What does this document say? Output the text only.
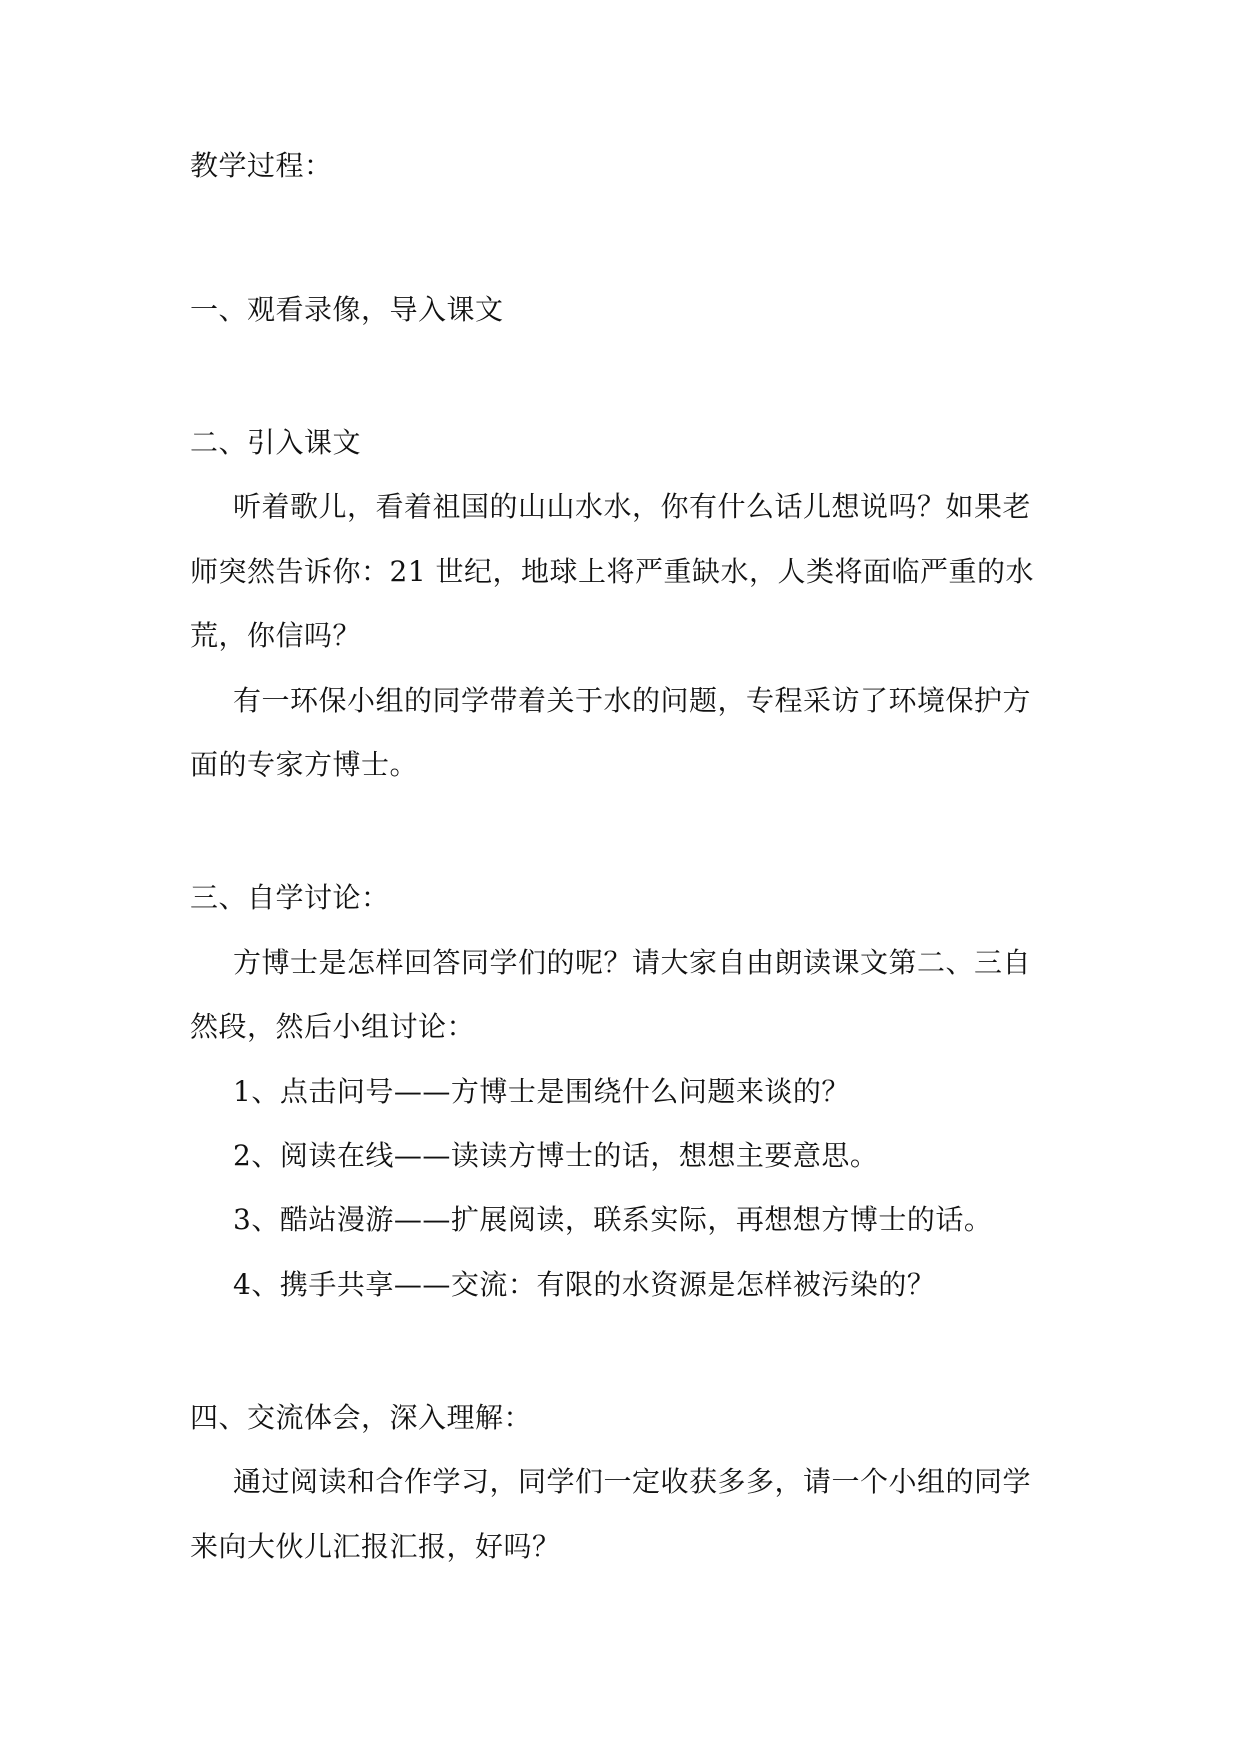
教学过程：
一、观看录像，导入课文
二、引入课文
听着歌儿，看着祖国的山山水水，你有什么话儿想说吗？如果老
师突然告诉你：21 世纪，地球上将严重缺水，人类将面临严重的水
荒，你信吗？
有一环保小组的同学带着关于水的问题，专程采访了环境保护方
面的专家方博士。
三、自学讨论：
方博士是怎样回答同学们的呢？请大家自由朗读课文第二、三自
然段，然后小组讨论：
1、点击问号——方博士是围绕什么问题来谈的？
2、阅读在线——读读方博士的话，想想主要意思。
3、酷站漫游——扩展阅读，联系实际，再想想方博士的话。
4、携手共享——交流：有限的水资源是怎样被污染的？
四、交流体会，深入理解：
通过阅读和合作学习，同学们一定收获多多，请一个小组的同学
来向大伙儿汇报汇报，好吗？
